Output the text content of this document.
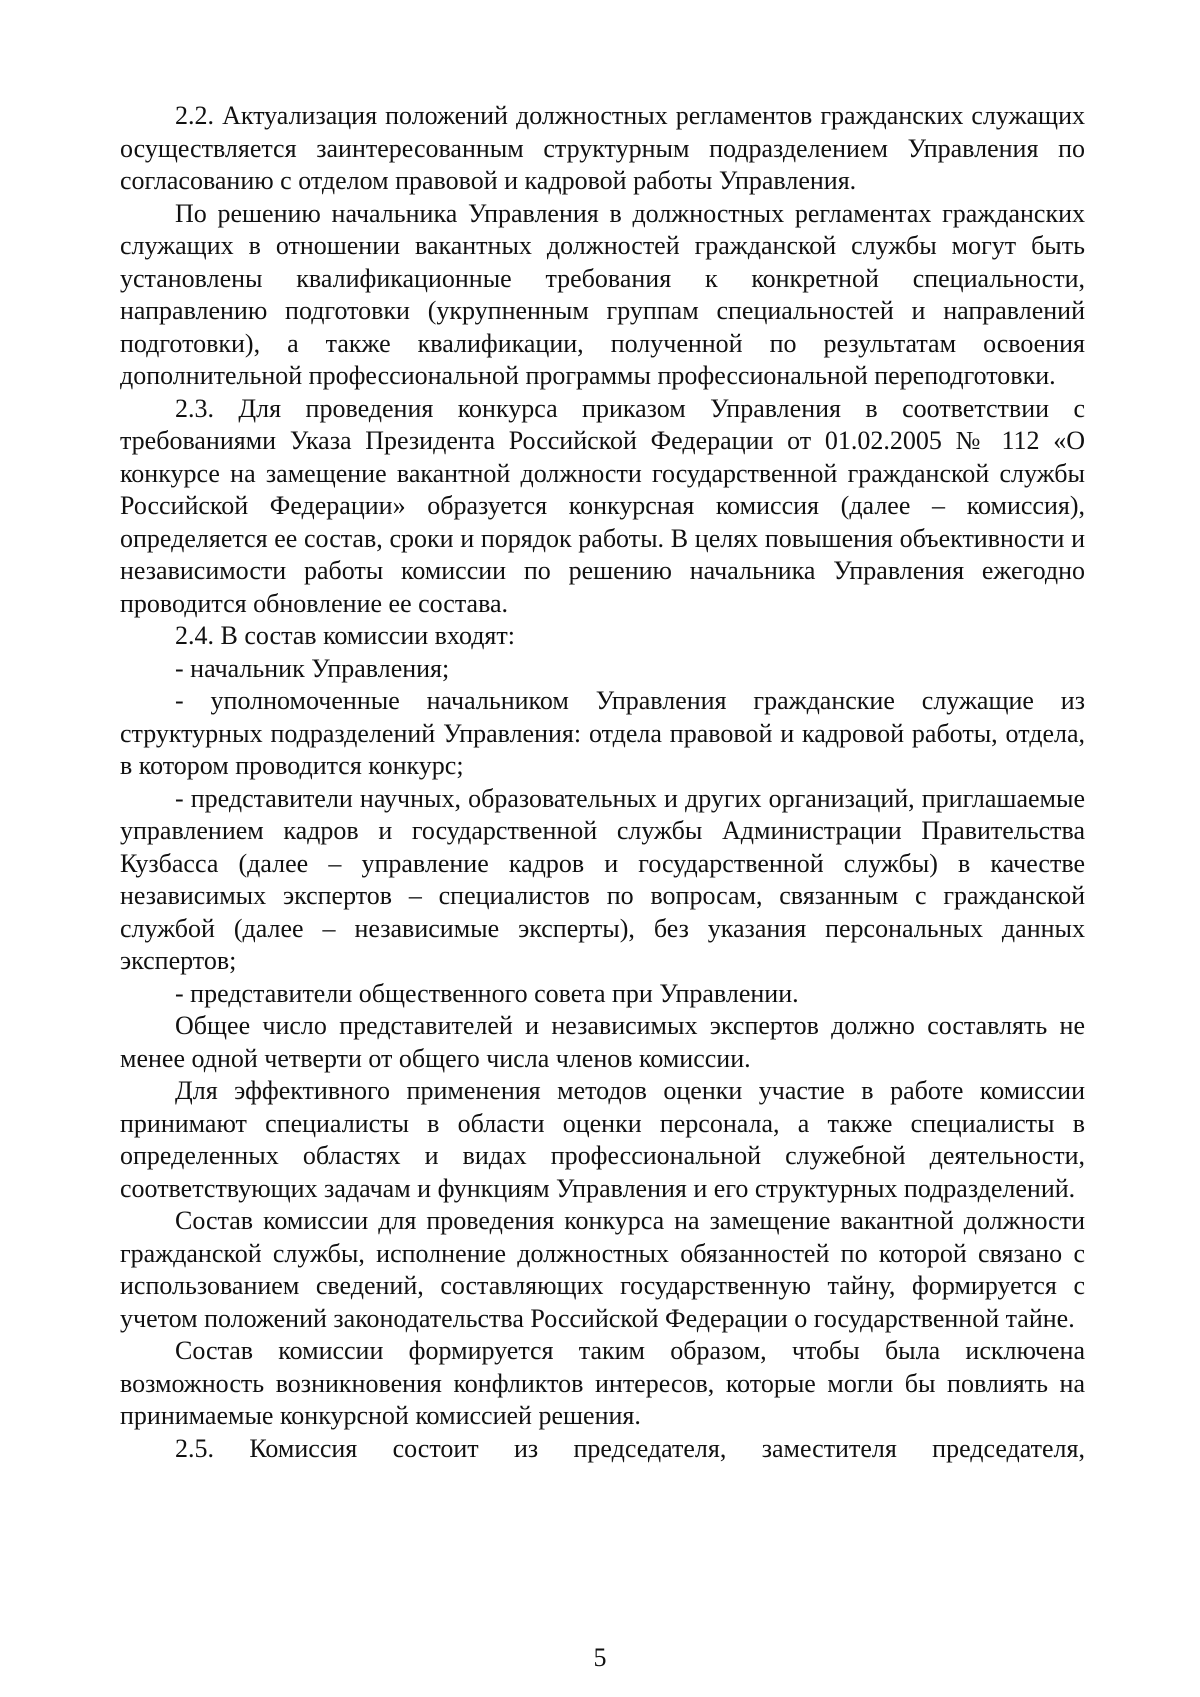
2.2. Актуализация положений должностных регламентов гражданских служащих осуществляется заинтересованным структурным подразделением Управления по согласованию с отделом правовой и кадровой работы Управления.

По решению начальника Управления в должностных регламентах гражданских служащих в отношении вакантных должностей гражданской службы могут быть установлены квалификационные требования к конкретной специальности, направлению подготовки (укрупненным группам специальностей и направлений подготовки), а также квалификации, полученной по результатам освоения дополнительной профессиональной программы профессиональной переподготовки.

2.3. Для проведения конкурса приказом Управления в соответствии с требованиями Указа Президента Российской Федерации от 01.02.2005 № 112 «О конкурсе на замещение вакантной должности государственной гражданской службы Российской Федерации» образуется конкурсная комиссия (далее – комиссия), определяется ее состав, сроки и порядок работы. В целях повышения объективности и независимости работы комиссии по решению начальника Управления ежегодно проводится обновление ее состава.

2.4. В состав комиссии входят:

- начальник Управления;

- уполномоченные начальником Управления гражданские служащие из структурных подразделений Управления: отдела правовой и кадровой работы, отдела, в котором проводится конкурс;

- представители научных, образовательных и других организаций, приглашаемые управлением кадров и государственной службы Администрации Правительства Кузбасса (далее – управление кадров и государственной службы) в качестве независимых экспертов – специалистов по вопросам, связанным с гражданской службой (далее – независимые эксперты), без указания персональных данных экспертов;

- представители общественного совета при Управлении.

Общее число представителей и независимых экспертов должно составлять не менее одной четверти от общего числа членов комиссии.

Для эффективного применения методов оценки участие в работе комиссии принимают специалисты в области оценки персонала, а также специалисты в определенных областях и видах профессиональной служебной деятельности, соответствующих задачам и функциям Управления и его структурных подразделений.

Состав комиссии для проведения конкурса на замещение вакантной должности гражданской службы, исполнение должностных обязанностей по которой связано с использованием сведений, составляющих государственную тайну, формируется с учетом положений законодательства Российской Федерации о государственной тайне.

Состав комиссии формируется таким образом, чтобы была исключена возможность возникновения конфликтов интересов, которые могли бы повлиять на принимаемые конкурсной комиссией решения.

2.5. Комиссия состоит из председателя, заместителя председателя,

5
